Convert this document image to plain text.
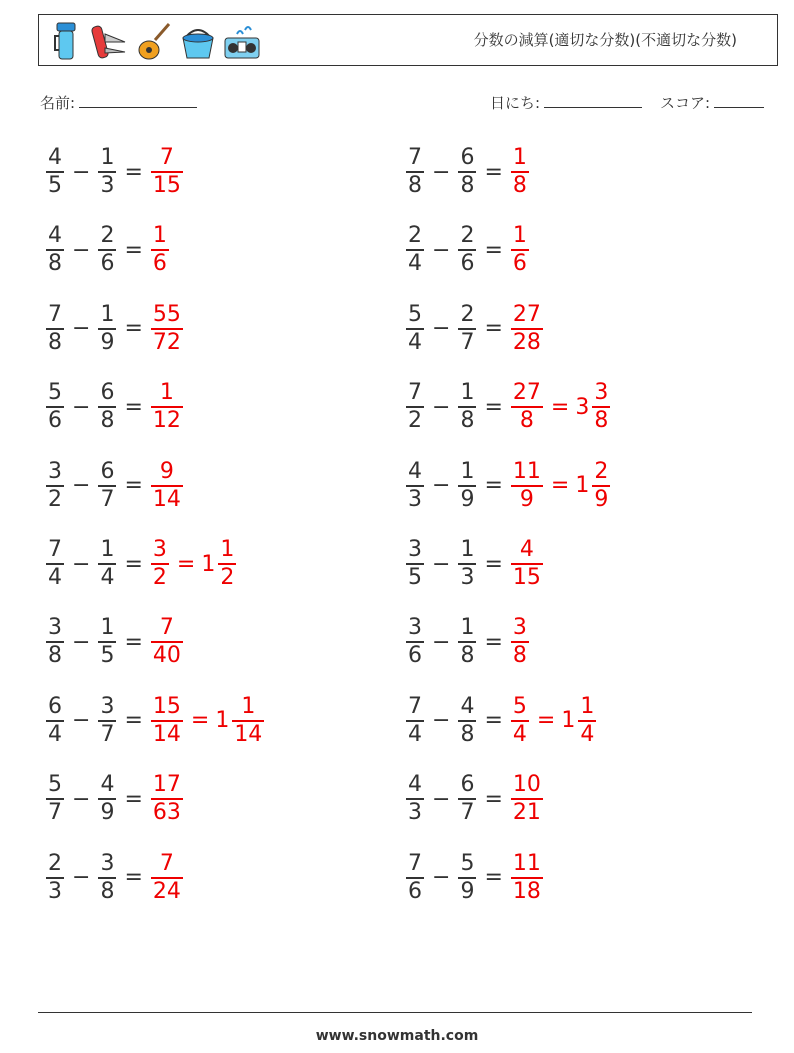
分数の減算(適切な分数)(不適切な分数)
名前:	日にち:	スコア:
$\frac{4}{5} - \frac{1}{3} = \frac{7}{15}$	$\frac{7}{8} - \frac{6}{8} = \frac{1}{8}$
$\frac{4}{8} - \frac{2}{6} = \frac{1}{6}$	$\frac{2}{4} - \frac{2}{6} = \frac{1}{6}$
$\frac{7}{8} - \frac{1}{9} = \frac{55}{72}$	$\frac{5}{4} - \frac{2}{7} = \frac{27}{28}$
$\frac{5}{6} - \frac{6}{8} = \frac{1}{12}$	$\frac{7}{2} - \frac{1}{8} = \frac{27}{8} = 3 \frac{3}{8}$
$\frac{3}{2} - \frac{6}{7} = \frac{9}{14}$	$\frac{4}{3} - \frac{1}{9} = \frac{11}{9} = 1 \frac{2}{9}$
$\frac{7}{4} - \frac{1}{4} = \frac{3}{2} = 1 \frac{1}{2}$	$\frac{3}{5} - \frac{1}{3} = \frac{4}{15}$
$\frac{3}{8} - \frac{1}{5} = \frac{7}{40}$	$\frac{3}{6} - \frac{1}{8} = \frac{3}{8}$
$\frac{6}{4} - \frac{3}{7} = \frac{15}{14} = 1 \frac{1}{14}$	$\frac{7}{4} - \frac{4}{8} = \frac{5}{4} = 1 \frac{1}{4}$
$\frac{5}{7} - \frac{4}{9} = \frac{17}{63}$	$\frac{4}{3} - \frac{6}{7} = \frac{10}{21}$
$\frac{2}{3} - \frac{3}{8} = \frac{7}{24}$	$\frac{7}{6} - \frac{5}{9} = \frac{11}{18}$
www.snowmath.com
